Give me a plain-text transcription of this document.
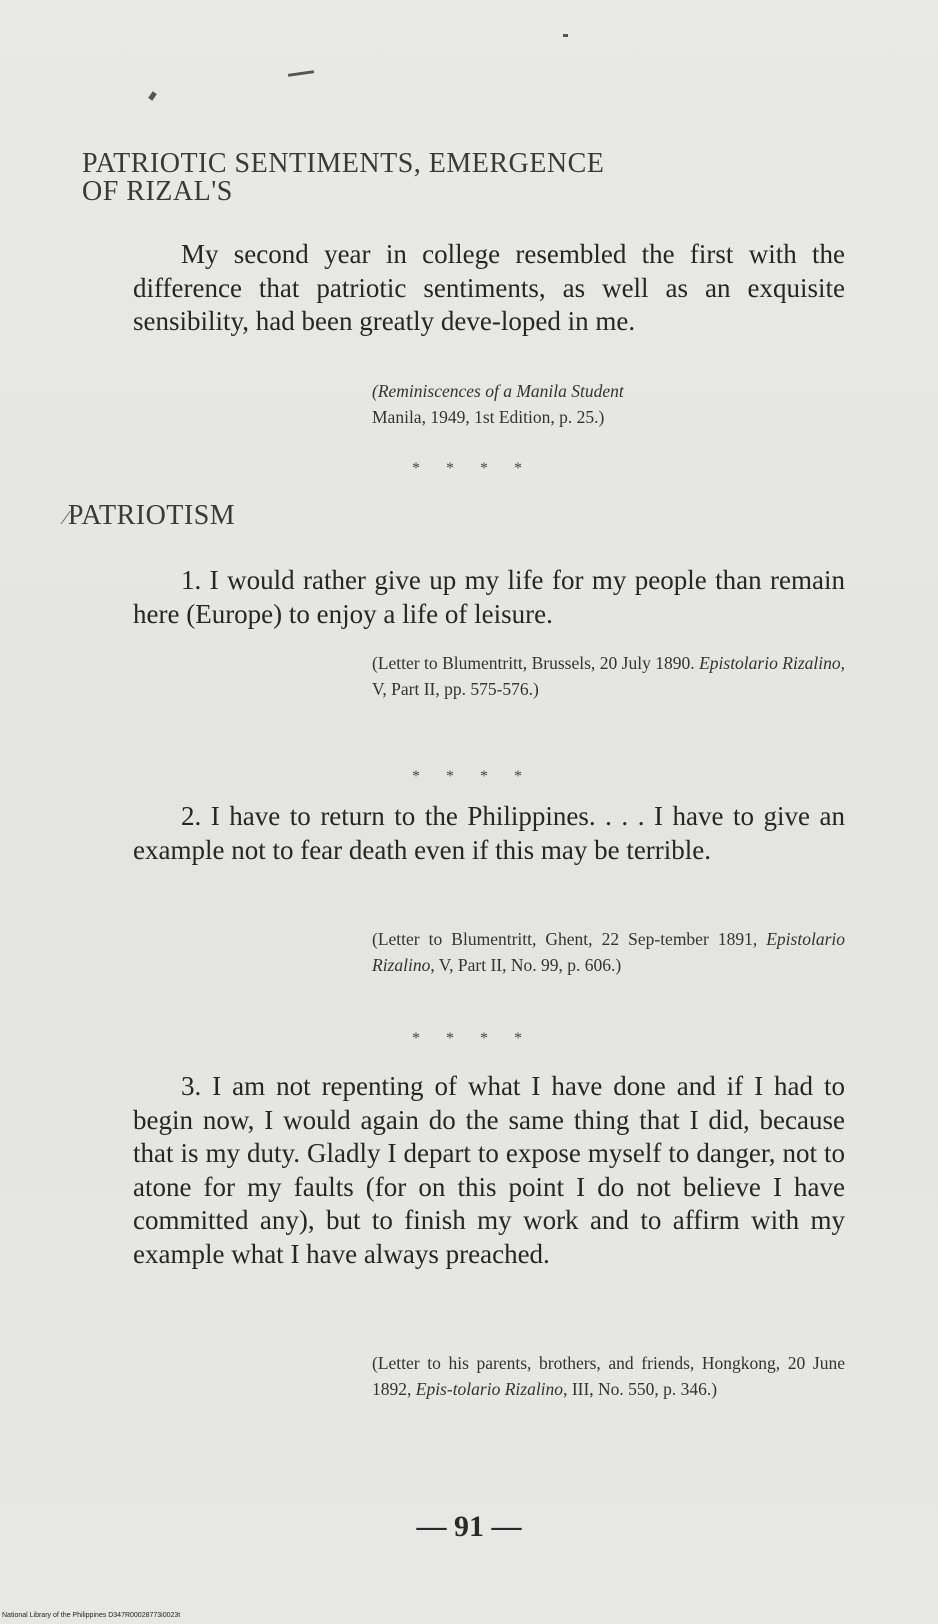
PATRIOTIC SENTIMENTS, EMERGENCE
OF RIZAL'S
My second year in college resembled the first with the difference that patriotic sentiments, as well as an exquisite sensibility, had been greatly deve-loped in me.
(Reminiscences of a Manila Student
Manila, 1949, 1st Edition, p. 25.)
* * * *
⁄PATRIOTISM
1. I would rather give up my life for my people than remain here (Europe) to enjoy a life of leisure.
(Letter to Blumentritt, Brussels, 20 July 1890. Epistolario Rizalino, V, Part II, pp. 575-576.)
* * * *
2. I have to return to the Philippines. . . . I have to give an example not to fear death even if this may be terrible.
(Letter to Blumentritt, Ghent, 22 Sep-tember 1891, Epistolario Rizalino, V, Part II, No. 99, p. 606.)
* * * *
3. I am not repenting of what I have done and if I had to begin now, I would again do the same thing that I did, because that is my duty. Gladly I depart to expose myself to danger, not to atone for my faults (for on this point I do not believe I have committed any), but to finish my work and to affirm with my example what I have always preached.
(Letter to his parents, brothers, and friends, Hongkong, 20 June 1892, Epis-tolario Rizalino, III, No. 550, p. 346.)
— 91 —
National Library of the Philippines D347R00028773i0023t
